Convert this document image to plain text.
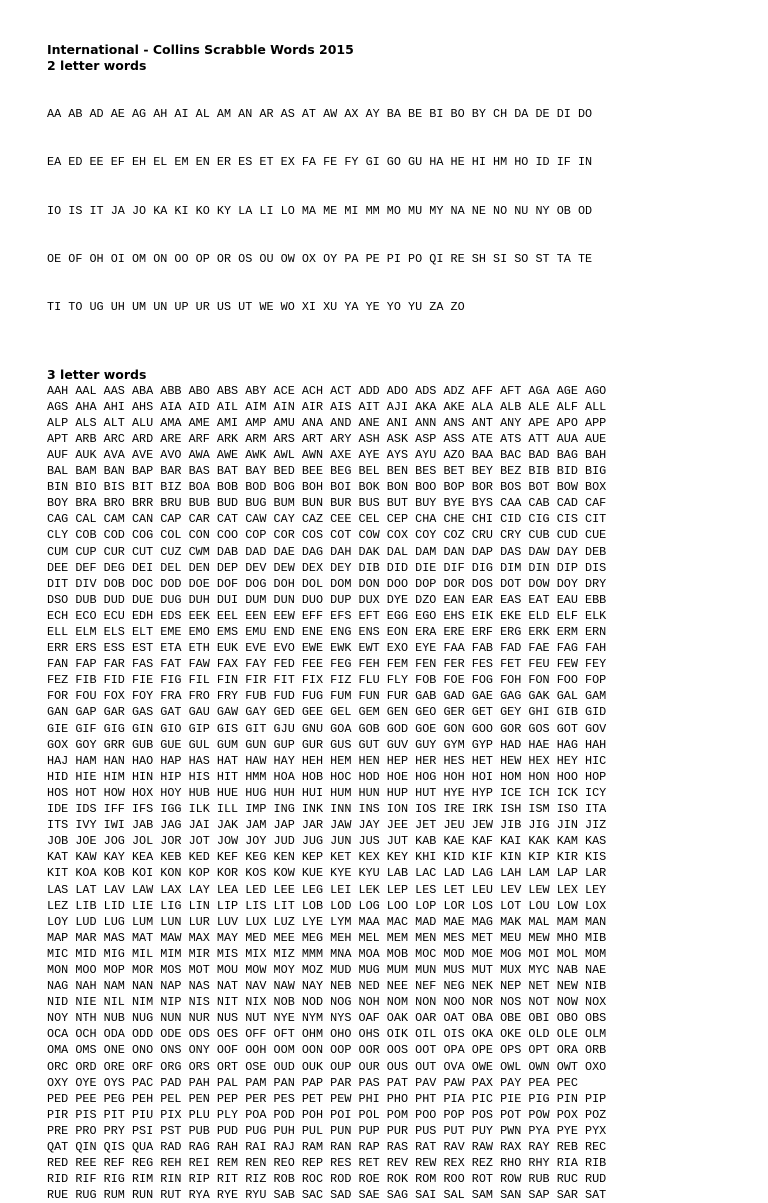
International - Collins Scrabble Words 2015
2 letter words

AA AB AD AE AG AH AI AL AM AN AR AS AT AW AX AY BA BE BI BO BY CH DA DE DI DO

EA ED EE EF EH EL EM EN ER ES ET EX FA FE FY GI GO GU HA HE HI HM HO ID IF IN

IO IS IT JA JO KA KI KO KY LA LI LO MA ME MI MM MO MU MY NA NE NO NU NY OB OD

OE OF OH OI OM ON OO OP OR OS OU OW OX OY PA PE PI PO QI RE SH SI SO ST TA TE

TI TO UG UH UM UN UP UR US UT WE WO XI XU YA YE YO YU ZA ZO

3 letter words
AAH AAL AAS ABA ABB ABO ABS ABY ACE ACH ACT ADD ADO ADS ADZ AFF AFT AGA AGE AGO
AGS AHA AHI AHS AIA AID AIL AIM AIN AIR AIS AIT AJI AKA AKE ALA ALB ALE ALF ALL
ALP ALS ALT ALU AMA AME AMI AMP AMU ANA AND ANE ANI ANN ANS ANT ANY APE APO APP
APT ARB ARC ARD ARE ARF ARK ARM ARS ART ARY ASH ASK ASP ASS ATE ATS ATT AUA AUE
AUF AUK AVA AVE AVO AWA AWE AWK AWL AWN AXE AYE AYS AYU AZO BAA BAC BAD BAG BAH
BAL BAM BAN BAP BAR BAS BAT BAY BED BEE BEG BEL BEN BES BET BEY BEZ BIB BID BIG
BIN BIO BIS BIT BIZ BOA BOB BOD BOG BOH BOI BOK BON BOO BOP BOR BOS BOT BOW BOX
BOY BRA BRO BRR BRU BUB BUD BUG BUM BUN BUR BUS BUT BUY BYE BYS CAA CAB CAD CAF
CAG CAL CAM CAN CAP CAR CAT CAW CAY CAZ CEE CEL CEP CHA CHE CHI CID CIG CIS CIT
CLY COB COD COG COL CON COO COP COR COS COT COW COX COY COZ CRU CRY CUB CUD CUE
CUM CUP CUR CUT CUZ CWM DAB DAD DAE DAG DAH DAK DAL DAM DAN DAP DAS DAW DAY DEB
DEE DEF DEG DEI DEL DEN DEP DEV DEW DEX DEY DIB DID DIE DIF DIG DIM DIN DIP DIS
DIT DIV DOB DOC DOD DOE DOF DOG DOH DOL DOM DON DOO DOP DOR DOS DOT DOW DOY DRY
DSO DUB DUD DUE DUG DUH DUI DUM DUN DUO DUP DUX DYE DZO EAN EAR EAS EAT EAU EBB
ECH ECO ECU EDH EDS EEK EEL EEN EEW EFF EFS EFT EGG EGO EHS EIK EKE ELD ELF ELK
ELL ELM ELS ELT EME EMO EMS EMU END ENE ENG ENS EON ERA ERE ERF ERG ERK ERM ERN
ERR ERS ESS EST ETA ETH EUK EVE EVO EWE EWK EWT EXO EYE FAA FAB FAD FAE FAG FAH
FAN FAP FAR FAS FAT FAW FAX FAY FED FEE FEG FEH FEM FEN FER FES FET FEU FEW FEY
FEZ FIB FID FIE FIG FIL FIN FIR FIT FIX FIZ FLU FLY FOB FOE FOG FOH FON FOO FOP
FOR FOU FOX FOY FRA FRO FRY FUB FUD FUG FUM FUN FUR GAB GAD GAE GAG GAK GAL GAM
GAN GAP GAR GAS GAT GAU GAW GAY GED GEE GEL GEM GEN GEO GER GET GEY GHI GIB GID
GIE GIF GIG GIN GIO GIP GIS GIT GJU GNU GOA GOB GOD GOE GON GOO GOR GOS GOT GOV
GOX GOY GRR GUB GUE GUL GUM GUN GUP GUR GUS GUT GUV GUY GYM GYP HAD HAE HAG HAH
HAJ HAM HAN HAO HAP HAS HAT HAW HAY HEH HEM HEN HEP HER HES HET HEW HEX HEY HIC
HID HIE HIM HIN HIP HIS HIT HMM HOA HOB HOC HOD HOE HOG HOH HOI HOM HON HOO HOP
HOS HOT HOW HOX HOY HUB HUE HUG HUH HUI HUM HUN HUP HUT HYE HYP ICE ICH ICK ICY
IDE IDS IFF IFS IGG ILK ILL IMP ING INK INN INS ION IOS IRE IRK ISH ISM ISO ITA
ITS IVY IWI JAB JAG JAI JAK JAM JAP JAR JAW JAY JEE JET JEU JEW JIB JIG JIN JIZ
JOB JOE JOG JOL JOR JOT JOW JOY JUD JUG JUN JUS JUT KAB KAE KAF KAI KAK KAM KAS
KAT KAW KAY KEA KEB KED KEF KEG KEN KEP KET KEX KEY KHI KID KIF KIN KIP KIR KIS
KIT KOA KOB KOI KON KOP KOR KOS KOW KUE KYE KYU LAB LAC LAD LAG LAH LAM LAP LAR
LAS LAT LAV LAW LAX LAY LEA LED LEE LEG LEI LEK LEP LES LET LEU LEV LEW LEX LEY
LEZ LIB LID LIE LIG LIN LIP LIS LIT LOB LOD LOG LOO LOP LOR LOS LOT LOU LOW LOX
LOY LUD LUG LUM LUN LUR LUV LUX LUZ LYE LYM MAA MAC MAD MAE MAG MAK MAL MAM MAN
MAP MAR MAS MAT MAW MAX MAY MED MEE MEG MEH MEL MEM MEN MES MET MEU MEW MHO MIB
MIC MID MIG MIL MIM MIR MIS MIX MIZ MMM MNA MOA MOB MOC MOD MOE MOG MOI MOL MOM
MON MOO MOP MOR MOS MOT MOU MOW MOY MOZ MUD MUG MUM MUN MUS MUT MUX MYC NAB NAE
NAG NAH NAM NAN NAP NAS NAT NAV NAW NAY NEB NED NEE NEF NEG NEK NEP NET NEW NIB
NID NIE NIL NIM NIP NIS NIT NIX NOB NOD NOG NOH NOM NON NOO NOR NOS NOT NOW NOX
NOY NTH NUB NUG NUN NUR NUS NUT NYE NYM NYS OAF OAK OAR OAT OBA OBE OBI OBO OBS
OCA OCH ODA ODD ODE ODS OES OFF OFT OHM OHO OHS OIK OIL OIS OKA OKE OLD OLE OLM
OMA OMS ONE ONO ONS ONY OOF OOH OOM OON OOP OOR OOS OOT OPA OPE OPS OPT ORA ORB
ORC ORD ORE ORF ORG ORS ORT OSE OUD OUK OUP OUR OUS OUT OVA OWE OWL OWN OWT OXO
OXY OYE OYS PAC PAD PAH PAL PAM PAN PAP PAR PAS PAT PAV PAW PAX PAY PEA PEC
PED PEE PEG PEH PEL PEN PEP PER PES PET PEW PHI PHO PHT PIA PIC PIE PIG PIN PIP
PIR PIS PIT PIU PIX PLU PLY POA POD POH POI POL POM POO POP POS POT POW POX POZ
PRE PRO PRY PSI PST PUB PUD PUG PUH PUL PUN PUP PUR PUS PUT PUY PWN PYA PYE PYX
QAT QIN QIS QUA RAD RAG RAH RAI RAJ RAM RAN RAP RAS RAT RAV RAW RAX RAY REB REC
RED REE REF REG REH REI REM REN REO REP RES RET REV REW REX REZ RHO RHY RIA RIB
RID RIF RIG RIM RIN RIP RIT RIZ ROB ROC ROD ROE ROK ROM ROO ROT ROW RUB RUC RUD
RUE RUG RUM RUN RUT RYA RYE RYU SAB SAC SAD SAE SAG SAI SAL SAM SAN SAP SAR SAT
